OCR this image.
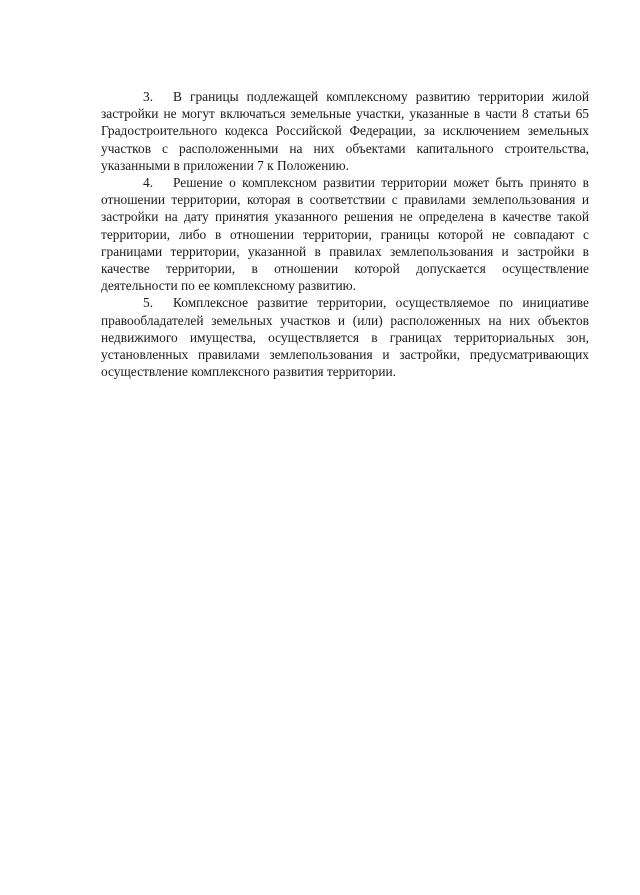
3. В границы подлежащей комплексному развитию территории жилой застройки не могут включаться земельные участки, указанные в части 8 статьи 65 Градостроительного кодекса Российской Федерации, за исключением земельных участков с расположенными на них объектами капитального строительства, указанными в приложении 7 к Положению.

4. Решение о комплексном развитии территории может быть принято в отношении территории, которая в соответствии с правилами землепользования и застройки на дату принятия указанного решения не определена в качестве такой территории, либо в отношении территории, границы которой не совпадают с границами территории, указанной в правилах землепользования и застройки в качестве территории, в отношении которой допускается осуществление деятельности по ее комплексному развитию.

5. Комплексное развитие территории, осуществляемое по инициативе правообладателей земельных участков и (или) расположенных на них объектов недвижимого имущества, осуществляется в границах территориальных зон, установленных правилами землепользования и застройки, предусматривающих осуществление комплексного развития территории.
